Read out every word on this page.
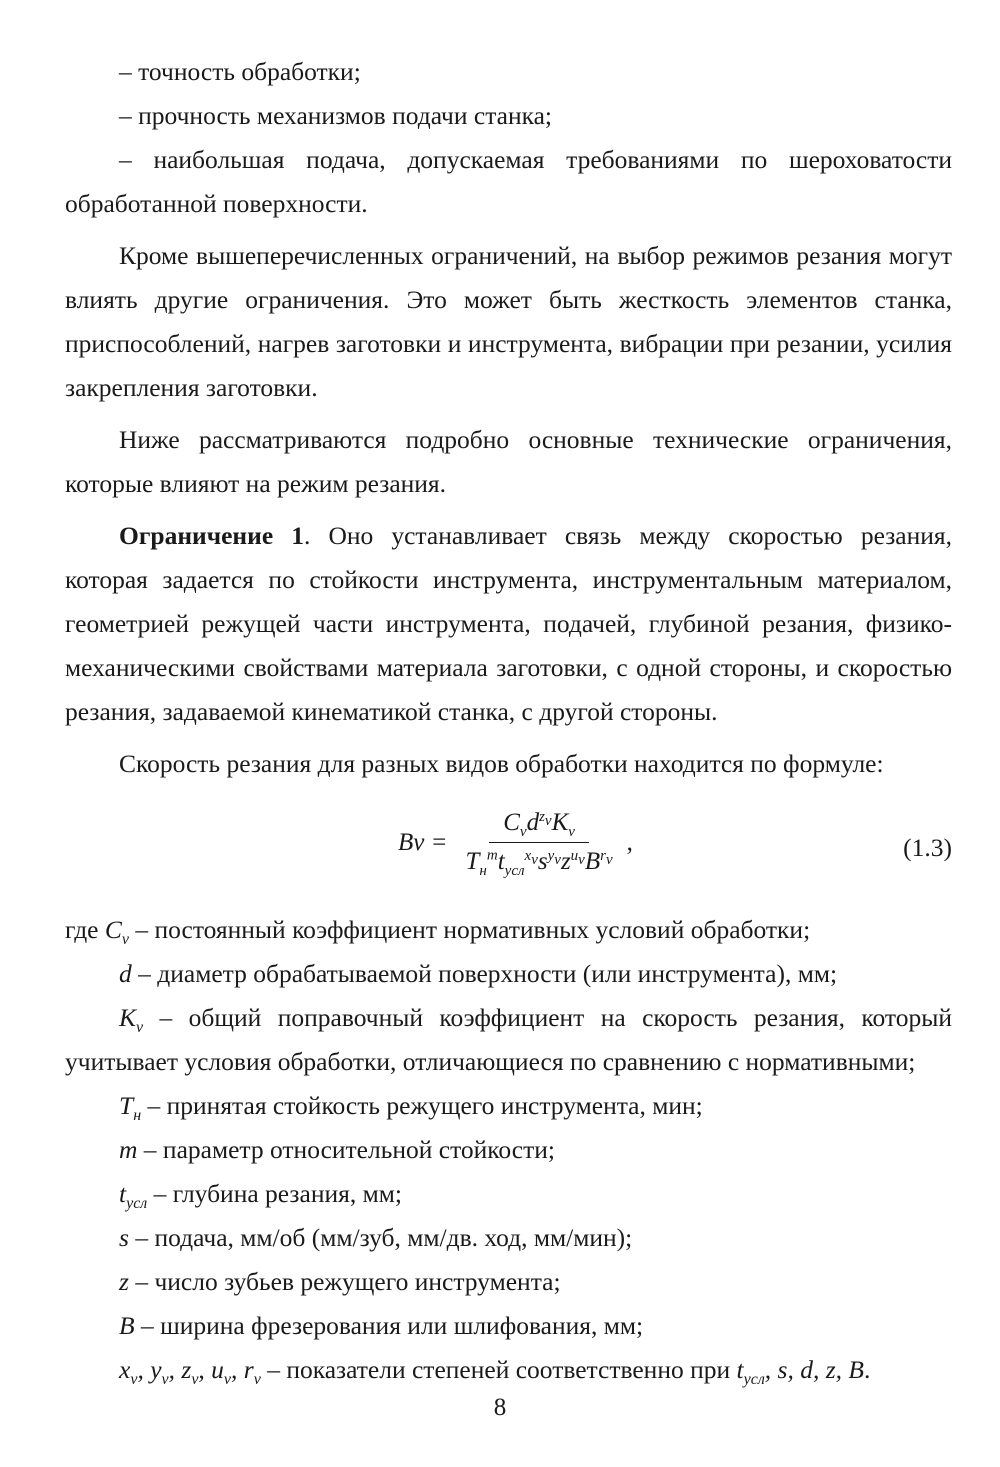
– точность обработки;

– прочность механизмов подачи станка;

– наибольшая подача, допускаемая требованиями по шероховатости обработанной поверхности.

Кроме вышеперечисленных ограничений, на выбор режимов резания могут влиять другие ограничения. Это может быть жесткость элементов станка, приспособлений, нагрев заготовки и инструмента, вибрации при резании, усилия закрепления заготовки.

Ниже рассматриваются подробно основные технические ограничения, которые влияют на режим резания.

Ограничение 1. Оно устанавливает связь между скоростью резания, которая задается по стойкости инструмента, инструментальным материалом, геометрией режущей части инструмента, подачей, глубиной резания, физико-механическими свойствами материала заготовки, с одной стороны, и скоростью резания, задаваемой кинематикой станка, с другой стороны.

Скорость резания для разных видов обработки находится по формуле:

$Bv = \frac{C_vd^{z_v}K_v}{T_н^mt_{усл}^{x_v}s^{y_v}z^{u_v}B^{r_v}}$ ,	(1.3)

где $C_v$ – постоянный коэффициент нормативных условий обработки;

d – диаметр обрабатываемой поверхности (или инструмента), мм;

$K_v$ – общий поправочный коэффициент на скорость резания, который учитывает условия обработки, отличающиеся по сравнению с нормативными;

$T_н$ – принятая стойкость режущего инструмента, мин;

m – параметр относительной стойкости;

$t_{усл}$ – глубина резания, мм;

s – подача, мм/об (мм/зуб, мм/дв. ход, мм/мин);

z – число зубьев режущего инструмента;

B – ширина фрезерования или шлифования, мм;

$x_v$, $y_v$, $z_v$, $u_v$, $r_v$ – показатели степеней соответственно при $t_{усл}$, s, d, z, B.

8
